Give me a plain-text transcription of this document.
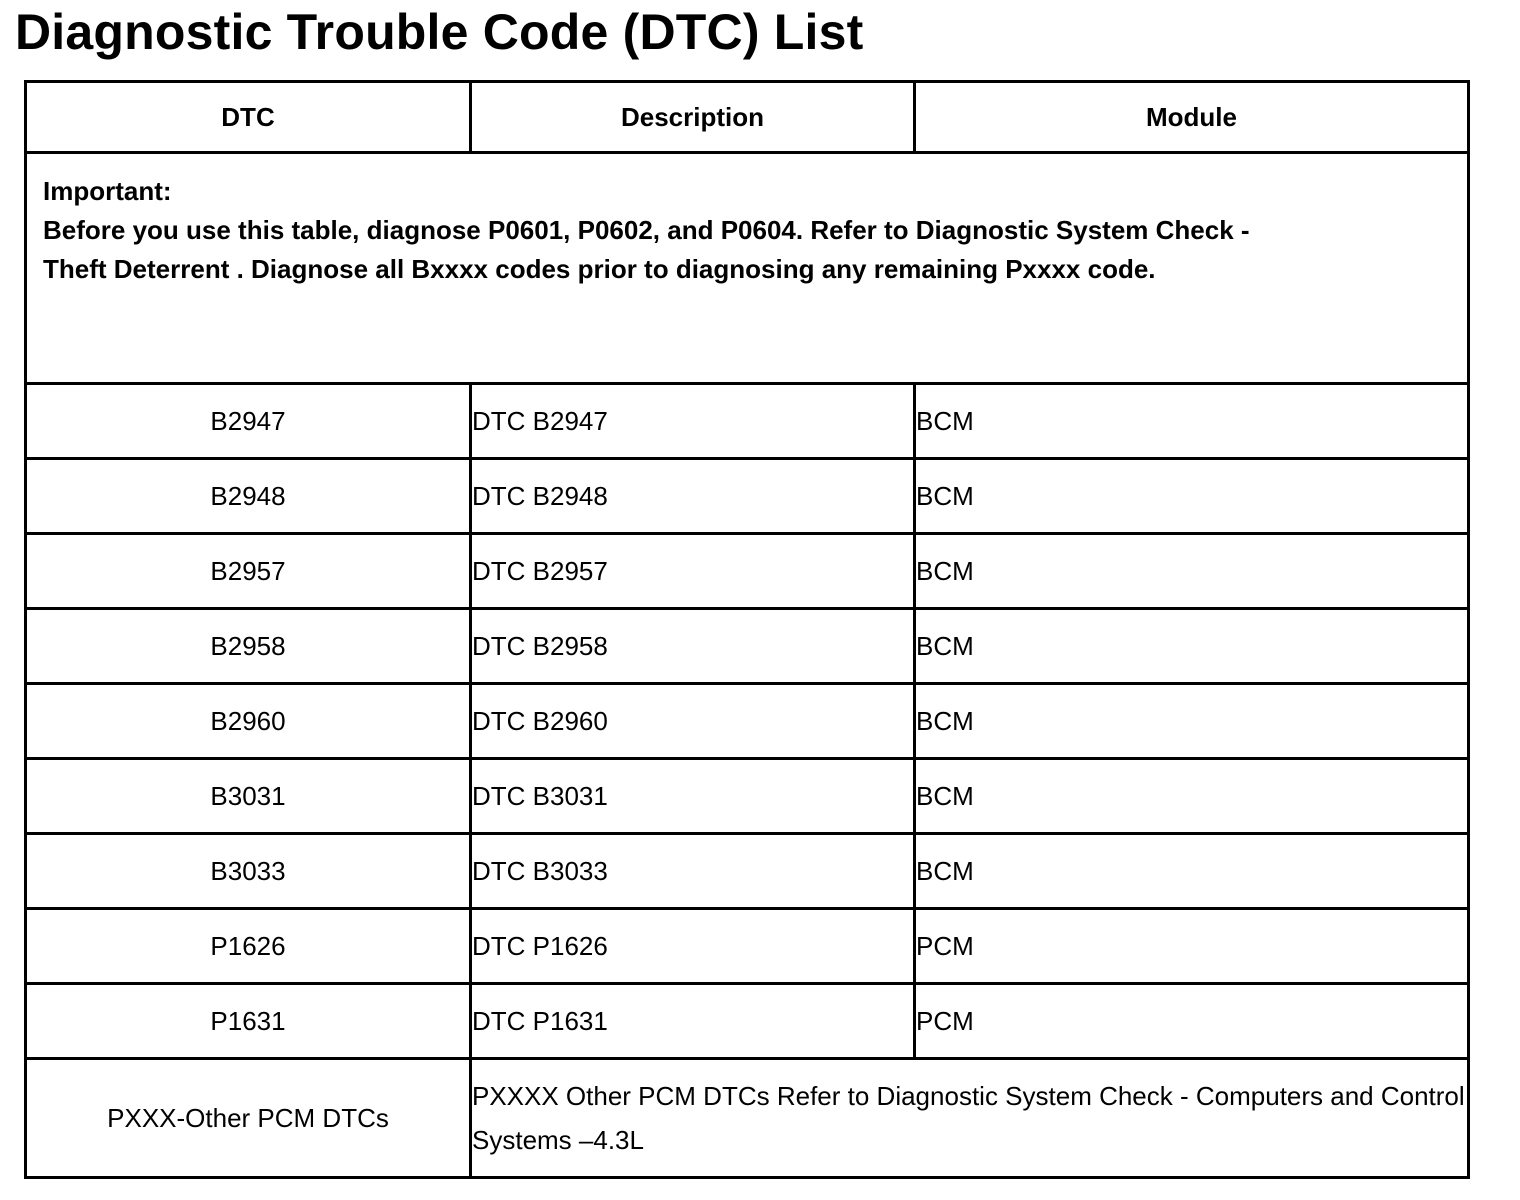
Diagnostic Trouble Code (DTC) List
DTC	Description	Module

Important:
Before you use this table, diagnose P0601, P0602, and P0604. Refer to Diagnostic System Check -
Theft Deterrent . Diagnose all Bxxxx codes prior to diagnosing any remaining Pxxxx code.		

B2947	DTC B2947	BCM
B2948	DTC B2948	BCM
B2957	DTC B2957	BCM
B2958	DTC B2958	BCM
B2960	DTC B2960	BCM
B3031	DTC B3031	BCM
B3033	DTC B3033	BCM
P1626	DTC P1626	PCM
P1631	DTC P1631	PCM
PXXX-Other PCM DTCs	PXXXX Other PCM DTCs Refer to Diagnostic System Check - Computers and Control Systems –4.3L	
